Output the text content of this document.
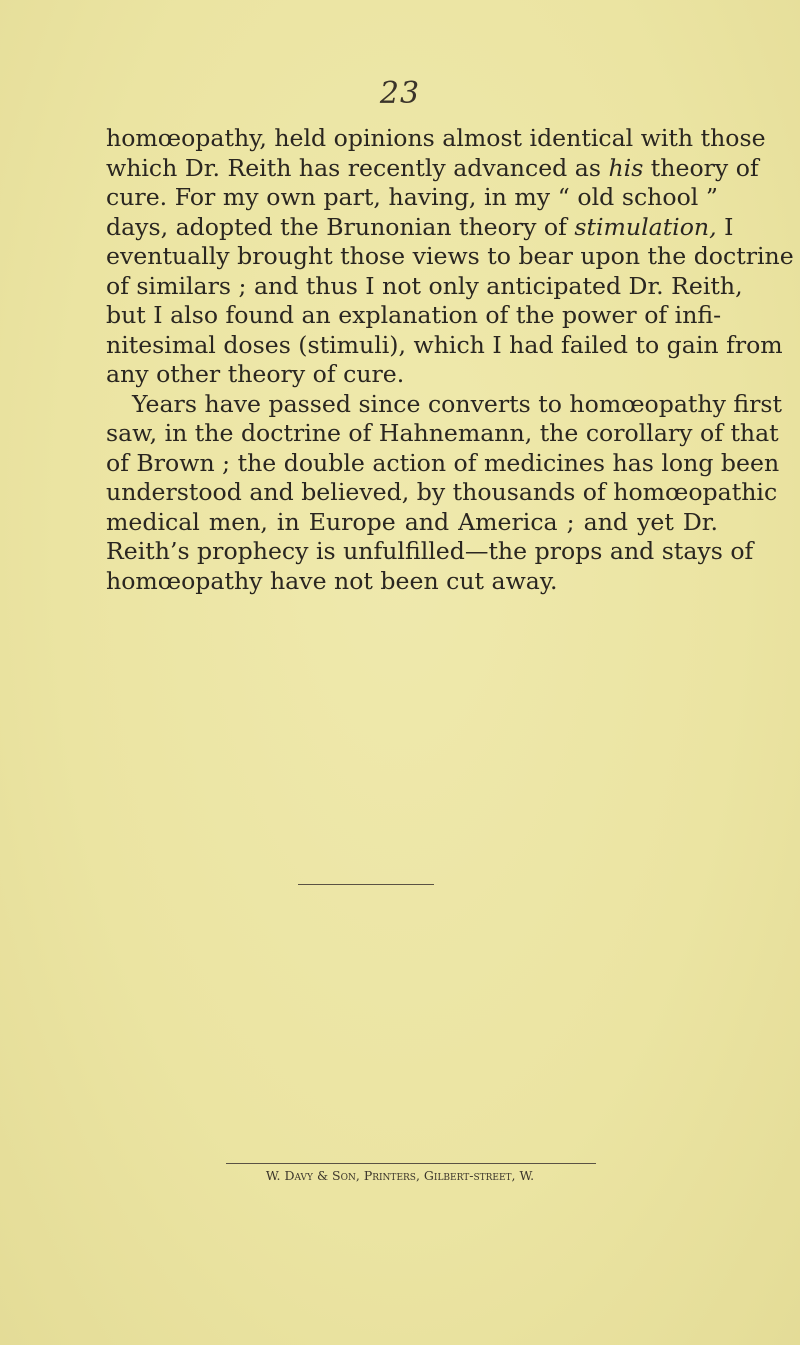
23

homœopathy, held opinions almost identical with those
which Dr. Reith has recently advanced as his theory of
cure. For my own part, having, in my “ old school ”
days, adopted the Brunonian theory of stimulation, I
eventually brought those views to bear upon the doctrine
of similars ; and thus I not only anticipated Dr. Reith,
but I also found an explanation of the power of infi-
nitesimal doses (stimuli), which I had failed to gain from
any other theory of cure.

Years have passed since converts to homœopathy first
saw, in the doctrine of Hahnemann, the corollary of that
of Brown ; the double action of medicines has long been
understood and believed, by thousands of homœopathic
medical men, in Europe and America ; and yet Dr.
Reith’s prophecy is unfulfilled—the props and stays of
homœopathy have not been cut away.

W. Davy & Son, Printers, Gilbert-street, W.
